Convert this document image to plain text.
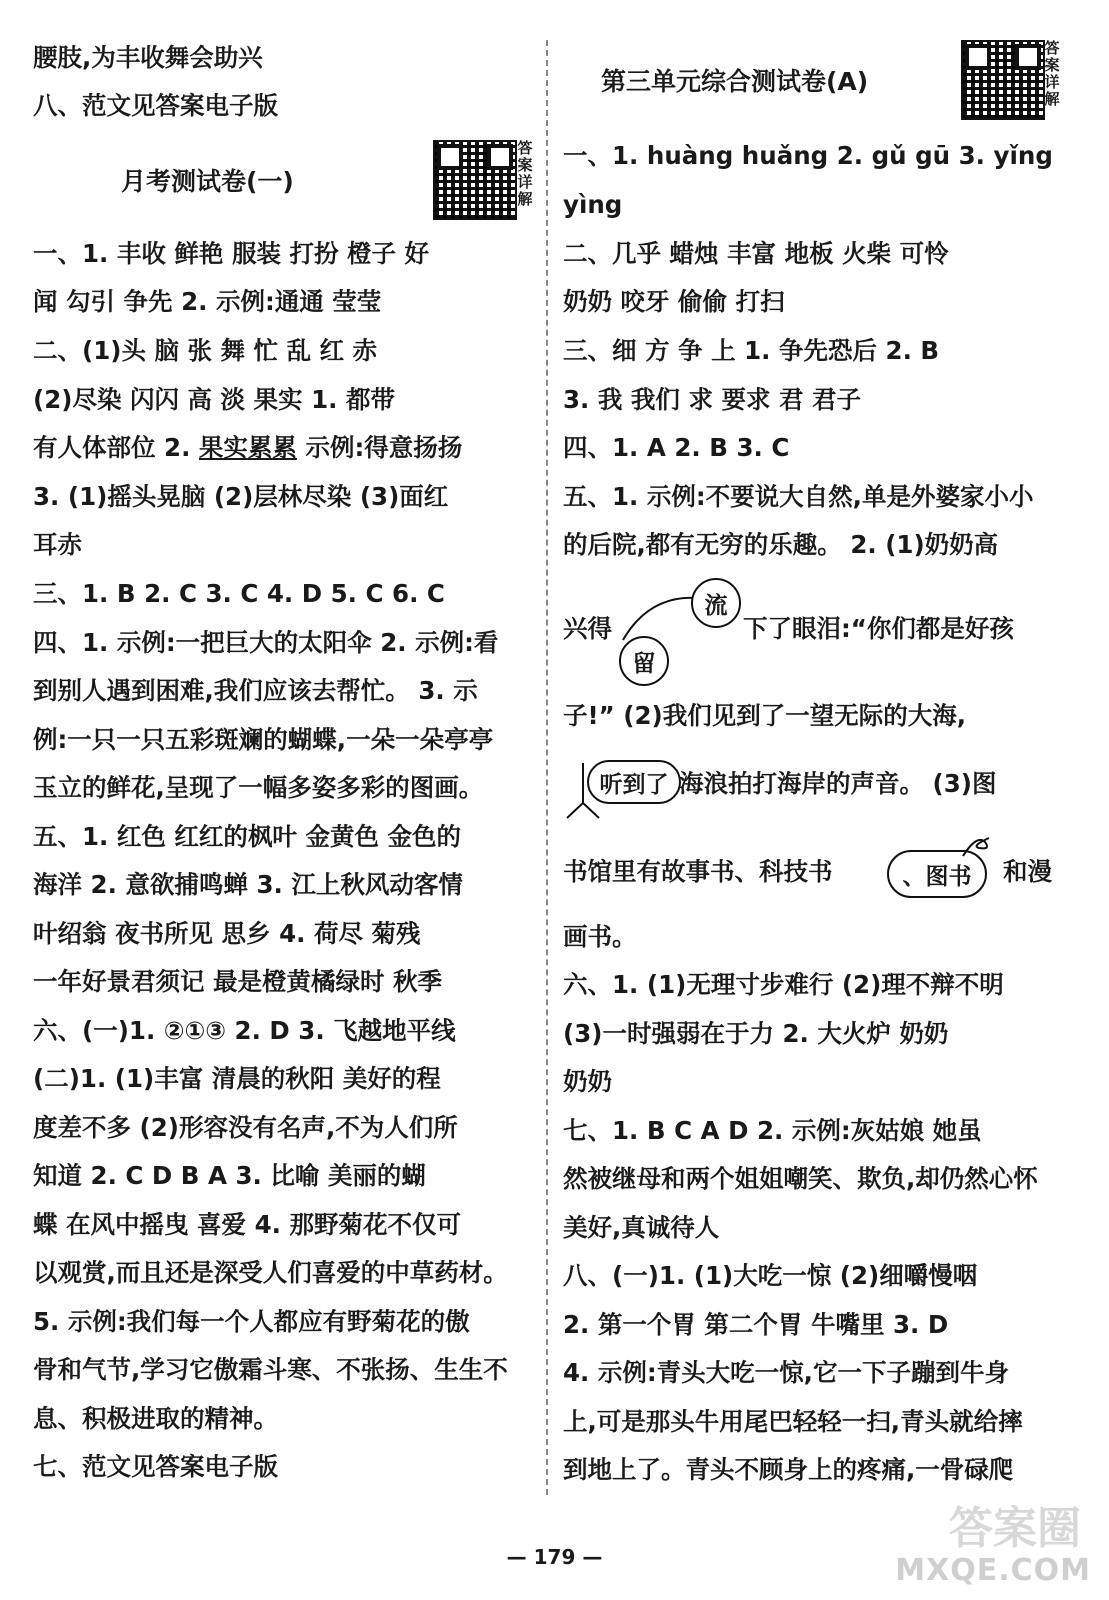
腰肢,为丰收舞会助兴
八、范文见答案电子版
月考测试卷(一)
答案详解
一、1. 丰收 鲜艳 服装 打扮 橙子 好
闻 勾引 争先 2. 示例:通通 莹莹
二、(1)头 脑 张 舞 忙 乱 红 赤
(2)尽染 闪闪 高 淡 果实 1. 都带
有人体部位 2. 果实累累 示例:得意扬扬
3. (1)摇头晃脑 (2)层林尽染 (3)面红
耳赤
三、1. B 2. C 3. C 4. D 5. C 6. C
四、1. 示例:一把巨大的太阳伞 2. 示例:看
到别人遇到困难,我们应该去帮忙。 3. 示
例:一只一只五彩斑斓的蝴蝶,一朵一朵亭亭
玉立的鲜花,呈现了一幅多姿多彩的图画。
五、1. 红色 红红的枫叶 金黄色 金色的
海洋 2. 意欲捕鸣蝉 3. 江上秋风动客情
叶绍翁 夜书所见 思乡 4. 荷尽 菊残
一年好景君须记 最是橙黄橘绿时 秋季
六、(一)1. ②①③ 2. D 3. 飞越地平线
(二)1. (1)丰富 清晨的秋阳 美好的程
度差不多 (2)形容没有名声,不为人们所
知道 2. C D B A 3. 比喻 美丽的蝴
蝶 在风中摇曳 喜爱 4. 那野菊花不仅可
以观赏,而且还是深受人们喜爱的中草药材。
5. 示例:我们每一个人都应有野菊花的傲
骨和气节,学习它傲霜斗寒、不张扬、生生不
息、积极进取的精神。
七、范文见答案电子版
第三单元综合测试卷(A)
答案详解
一、1. huàng huǎng 2. gǔ gū 3. yǐng
yìng
二、几乎 蜡烛 丰富 地板 火柴 可怜
奶奶 咬牙 偷偷 打扫
三、细 方 争 上 1. 争先恐后 2. B
3. 我 我们 求 要求 君 君子
四、1. A 2. B 3. C
五、1. 示例:不要说大自然,单是外婆家小小
的后院,都有无穷的乐趣。 2. (1)奶奶高
兴得
流
留
下了眼泪:“你们都是好孩
子!” (2)我们见到了一望无际的大海,
听到了 海浪拍打海岸的声音。 (3)图
书馆里有故事书、科技书	、图书	和漫
画书。
六、1. (1)无理寸步难行 (2)理不辩不明
(3)一时强弱在于力 2. 大火炉 奶奶
奶奶
七、1. B C A D 2. 示例:灰姑娘 她虽
然被继母和两个姐姐嘲笑、欺负,却仍然心怀
美好,真诚待人
八、(一)1. (1)大吃一惊 (2)细嚼慢咽
2. 第一个胃 第二个胃 牛嘴里 3. D
4. 示例:青头大吃一惊,它一下子蹦到牛身
上,可是那头牛用尾巴轻轻一扫,青头就给摔
到地上了。青头不顾身上的疼痛,一骨碌爬
— 179 —
答案圈
MXQE.COM
